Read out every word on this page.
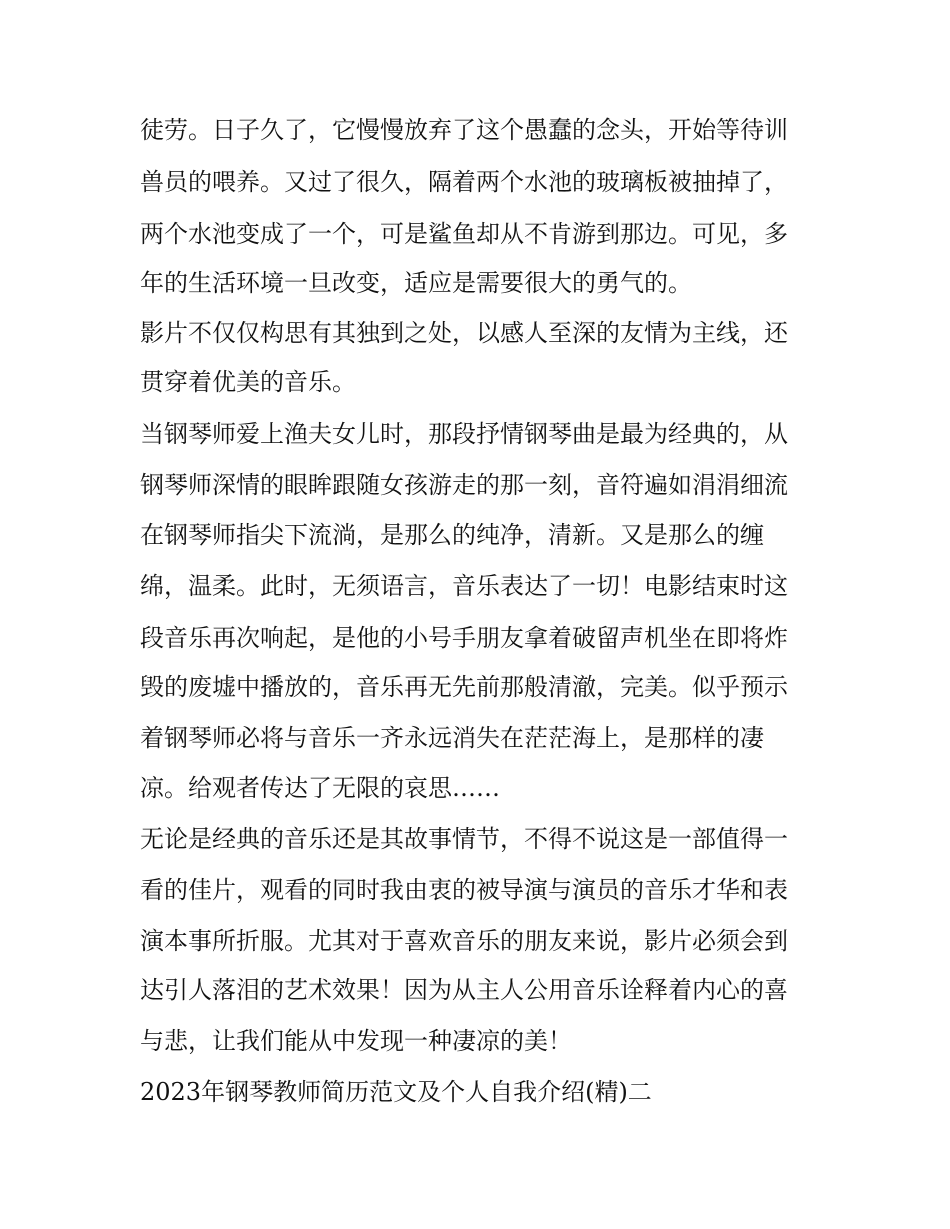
徒劳。日子久了，它慢慢放弃了这个愚蠢的念头，开始等待训
兽员的喂养。又过了很久，隔着两个水池的玻璃板被抽掉了，
两个水池变成了一个，可是鲨鱼却从不肯游到那边。可见，多
年的生活环境一旦改变，适应是需要很大的勇气的。
影片不仅仅构思有其独到之处，以感人至深的友情为主线，还
贯穿着优美的音乐。
当钢琴师爱上渔夫女儿时，那段抒情钢琴曲是最为经典的，从
钢琴师深情的眼眸跟随女孩游走的那一刻，音符遍如涓涓细流
在钢琴师指尖下流淌，是那么的纯净，清新。又是那么的缠
绵，温柔。此时，无须语言，音乐表达了一切！电影结束时这
段音乐再次响起，是他的小号手朋友拿着破留声机坐在即将炸
毁的废墟中播放的，音乐再无先前那般清澈，完美。似乎预示
着钢琴师必将与音乐一齐永远消失在茫茫海上，是那样的凄
凉。给观者传达了无限的哀思……
无论是经典的音乐还是其故事情节，不得不说这是一部值得一
看的佳片，观看的同时我由衷的被导演与演员的音乐才华和表
演本事所折服。尤其对于喜欢音乐的朋友来说，影片必须会到
达引人落泪的艺术效果！因为从主人公用音乐诠释着内心的喜
与悲，让我们能从中发现一种凄凉的美！
2023年钢琴教师简历范文及个人自我介绍(精)二
